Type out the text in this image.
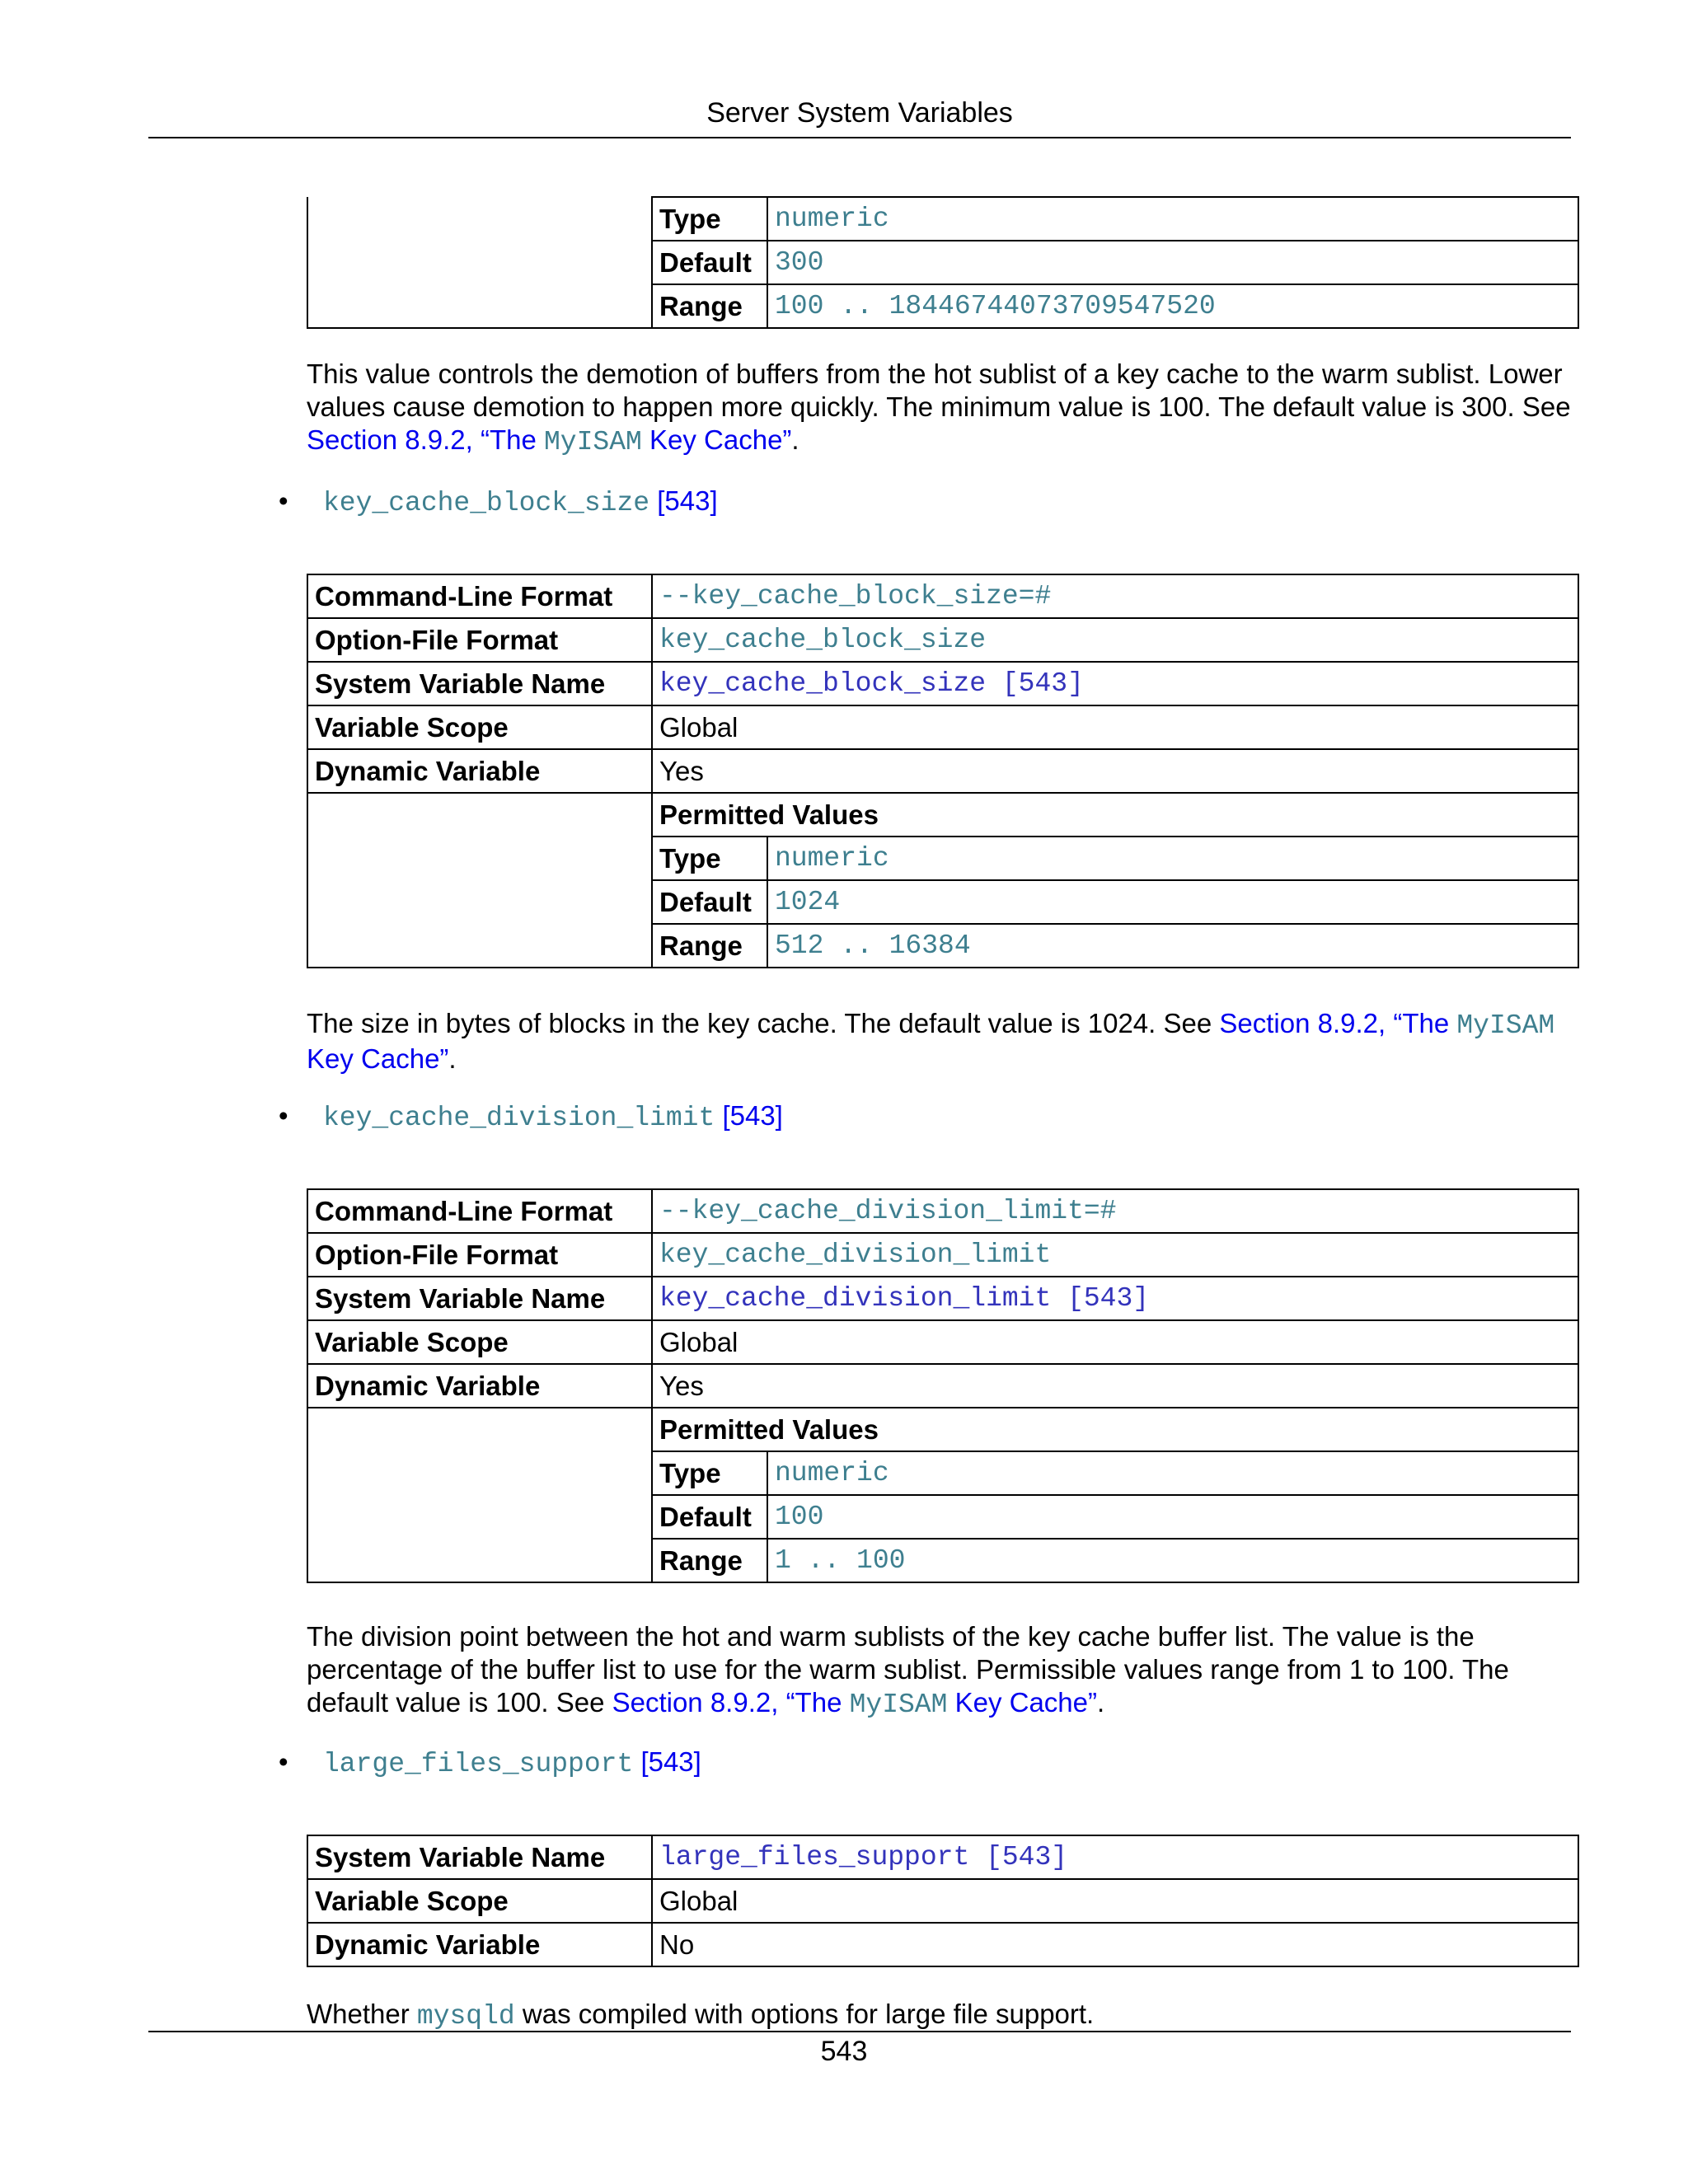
Server System Variables
	Type	numeric
	Default	300
	Range	100 .. 18446744073709547520
This value controls the demotion of buffers from the hot sublist of a key cache to the warm sublist. Lower values cause demotion to happen more quickly. The minimum value is 100. The default value is 300. See Section 8.9.2, “The MyISAM Key Cache”.
• key_cache_block_size [543]
Command-Line Format	--key_cache_block_size=#	
Option-File Format	key_cache_block_size	
System Variable Name	key_cache_block_size [543]	
Variable Scope	Global	
Dynamic Variable	Yes	
	Permitted Values	
	Type	numeric
	Default	1024
	Range	512 .. 16384
The size in bytes of blocks in the key cache. The default value is 1024. See Section 8.9.2, “The MyISAM Key Cache”.
• key_cache_division_limit [543]
Command-Line Format	--key_cache_division_limit=#	
Option-File Format	key_cache_division_limit	
System Variable Name	key_cache_division_limit [543]	
Variable Scope	Global	
Dynamic Variable	Yes	
	Permitted Values	
	Type	numeric
	Default	100
	Range	1 .. 100
The division point between the hot and warm sublists of the key cache buffer list. The value is the percentage of the buffer list to use for the warm sublist. Permissible values range from 1 to 100. The default value is 100. See Section 8.9.2, “The MyISAM Key Cache”.
• large_files_support [543]
System Variable Name	large_files_support [543]
Variable Scope	Global
Dynamic Variable	No
Whether mysqld was compiled with options for large file support.
543
